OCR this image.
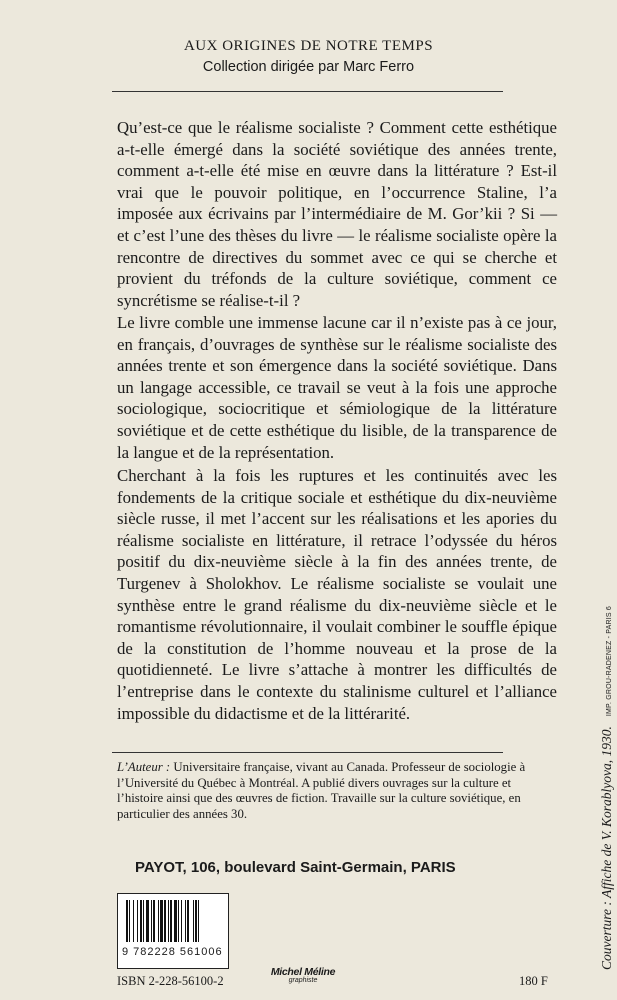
AUX ORIGINES DE NOTRE TEMPS
Collection dirigée par Marc Ferro

Qu’est-ce que le réalisme socialiste ? Comment cette esthétique a-t-elle émergé dans la société soviétique des années trente, comment a-t-elle été mise en œuvre dans la littérature ? Est-il vrai que le pouvoir politique, en l’occurrence Staline, l’a imposée aux écrivains par l’intermédiaire de M. Gor’kii ? Si — et c’est l’une des thèses du livre — le réalisme socialiste opère la rencontre de directives du sommet avec ce qui se cherche et provient du tréfonds de la culture soviétique, comment ce syncrétisme se réalise-t-il ?

Le livre comble une immense lacune car il n’existe pas à ce jour, en français, d’ouvrages de synthèse sur le réalisme socialiste des années trente et son émergence dans la société soviétique. Dans un langage accessible, ce travail se veut à la fois une approche sociologique, sociocritique et sémiologique de la littérature soviétique et de cette esthétique du lisible, de la transparence de la langue et de la représentation.

Cherchant à la fois les ruptures et les continuités avec les fondements de la critique sociale et esthétique du dix-neuvième siècle russe, il met l’accent sur les réalisations et les apories du réalisme socialiste en littérature, il retrace l’odyssée du héros positif du dix-neuvième siècle à la fin des années trente, de Turgenev à Sholokhov. Le réalisme socialiste se voulait une synthèse entre le grand réalisme du dix-neuvième siècle et le romantisme révolutionnaire, il voulait combiner le souffle épique de la constitution de l’homme nouveau et la prose de la quotidienneté. Le livre s’attache à montrer les difficultés de l’entreprise dans le contexte du stalinisme culturel et l’alliance impossible du didactisme et de la littérarité.

L’Auteur : Universitaire française, vivant au Canada. Professeur de sociologie à l’Université du Québec à Montréal. A publié divers ouvrages sur la culture et l’histoire ainsi que des œuvres de fiction. Travaille sur la culture soviétique, en particulier des années 30.

PAYOT, 106, boulevard Saint-Germain, PARIS
9 782228 561006
ISBN 2-228-56100-2
Michel Méline
graphiste	180 F
Couverture : Affiche de V. Korablyova, 1930.IMP. GROU-RADENEZ - PARIS 6
